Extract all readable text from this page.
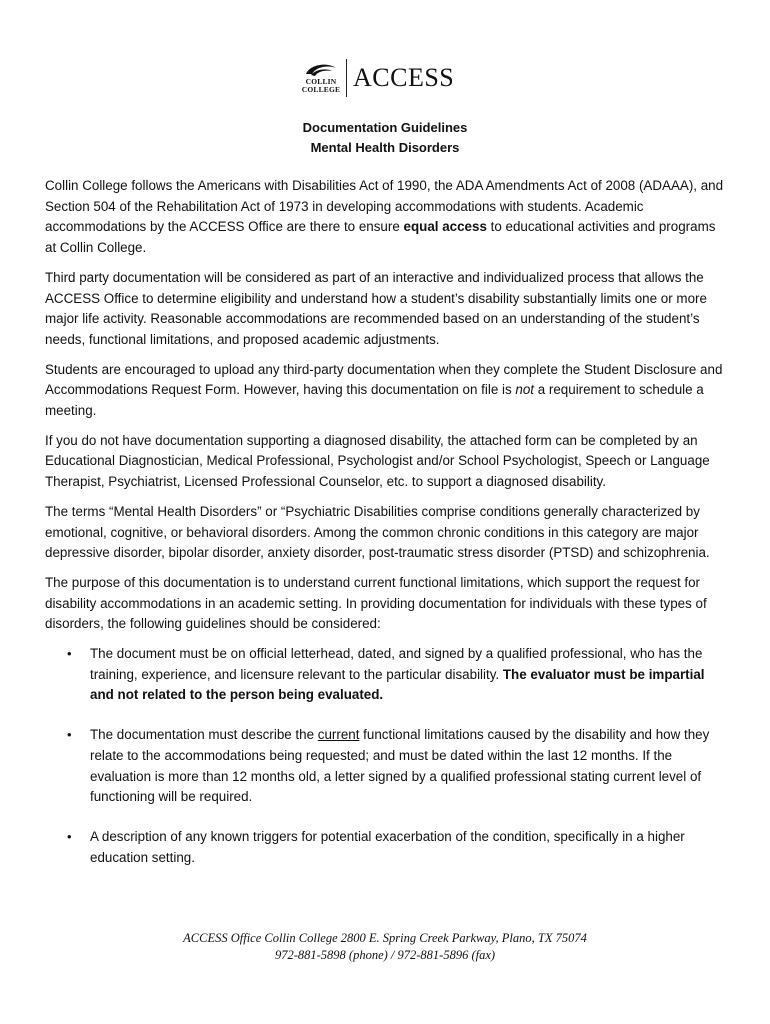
COLLIN
COLLEGE ACCESS
Documentation Guidelines
Mental Health Disorders

Collin College follows the Americans with Disabilities Act of 1990, the ADA Amendments Act of 2008 (ADAAA), and Section 504 of the Rehabilitation Act of 1973 in developing accommodations with students. Academic accommodations by the ACCESS Office are there to ensure equal access to educational activities and programs at Collin College.

Third party documentation will be considered as part of an interactive and individualized process that allows the ACCESS Office to determine eligibility and understand how a student’s disability substantially limits one or more major life activity. Reasonable accommodations are recommended based on an understanding of the student’s needs, functional limitations, and proposed academic adjustments.

Students are encouraged to upload any third-party documentation when they complete the Student Disclosure and Accommodations Request Form. However, having this documentation on file is not a requirement to schedule a meeting.

If you do not have documentation supporting a diagnosed disability, the attached form can be completed by an Educational Diagnostician, Medical Professional, Psychologist and/or School Psychologist, Speech or Language Therapist, Psychiatrist, Licensed Professional Counselor, etc. to support a diagnosed disability.

The terms “Mental Health Disorders” or “Psychiatric Disabilities comprise conditions generally characterized by emotional, cognitive, or behavioral disorders. Among the common chronic conditions in this category are major depressive disorder, bipolar disorder, anxiety disorder, post-traumatic stress disorder (PTSD) and schizophrenia.

The purpose of this documentation is to understand current functional limitations, which support the request for disability accommodations in an academic setting. In providing documentation for individuals with these types of disorders, the following guidelines should be considered:

• The document must be on official letterhead, dated, and signed by a qualified professional, who has the training, experience, and licensure relevant to the particular disability. The evaluator must be impartial and not related to the person being evaluated.
• The documentation must describe the current functional limitations caused by the disability and how they relate to the accommodations being requested; and must be dated within the last 12 months. If the evaluation is more than 12 months old, a letter signed by a qualified professional stating current level of functioning will be required.
• A description of any known triggers for potential exacerbation of the condition, specifically in a higher education setting.
ACCESS Office Collin College 2800 E. Spring Creek Parkway, Plano, TX 75074
972-881-5898 (phone) / 972-881-5896 (fax)
